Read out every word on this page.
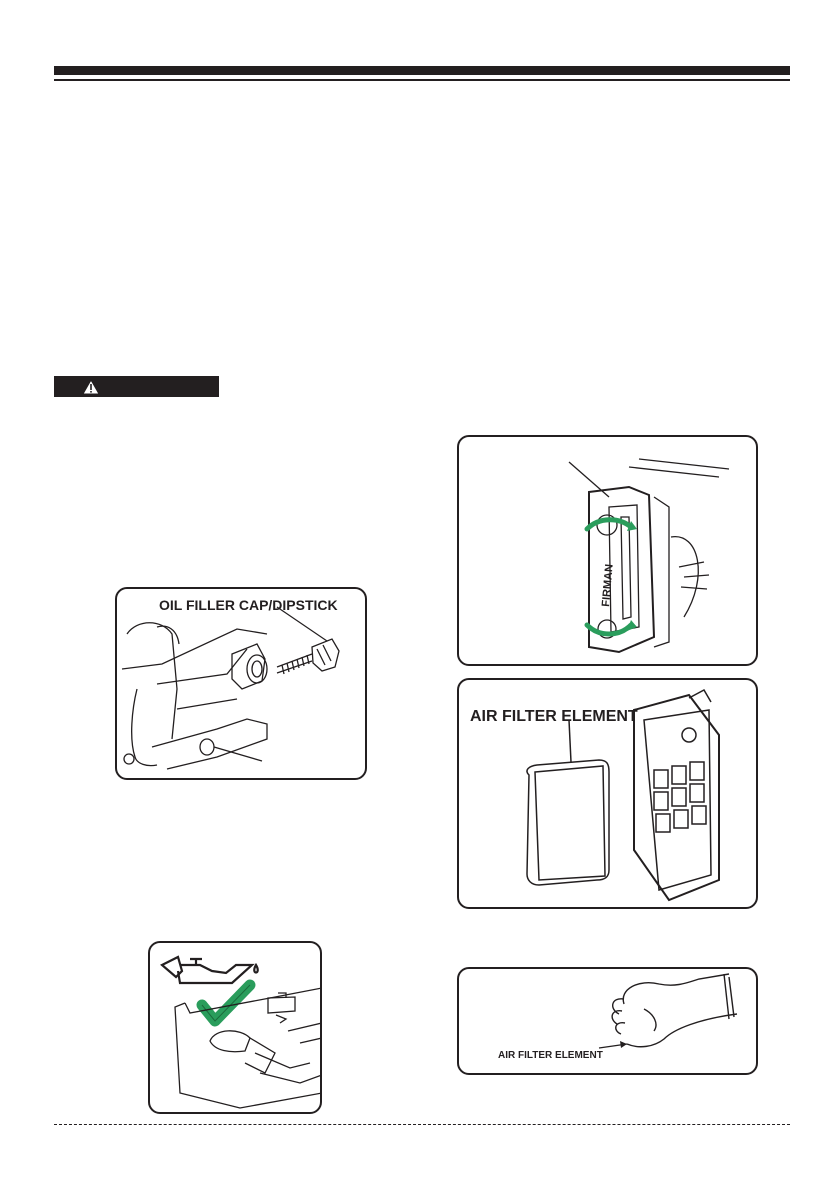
OIL FILLER CAP/DIPSTICK	FIRMAN
AIR FILTER ELEMENT
AIR FILTER ELEMENT
